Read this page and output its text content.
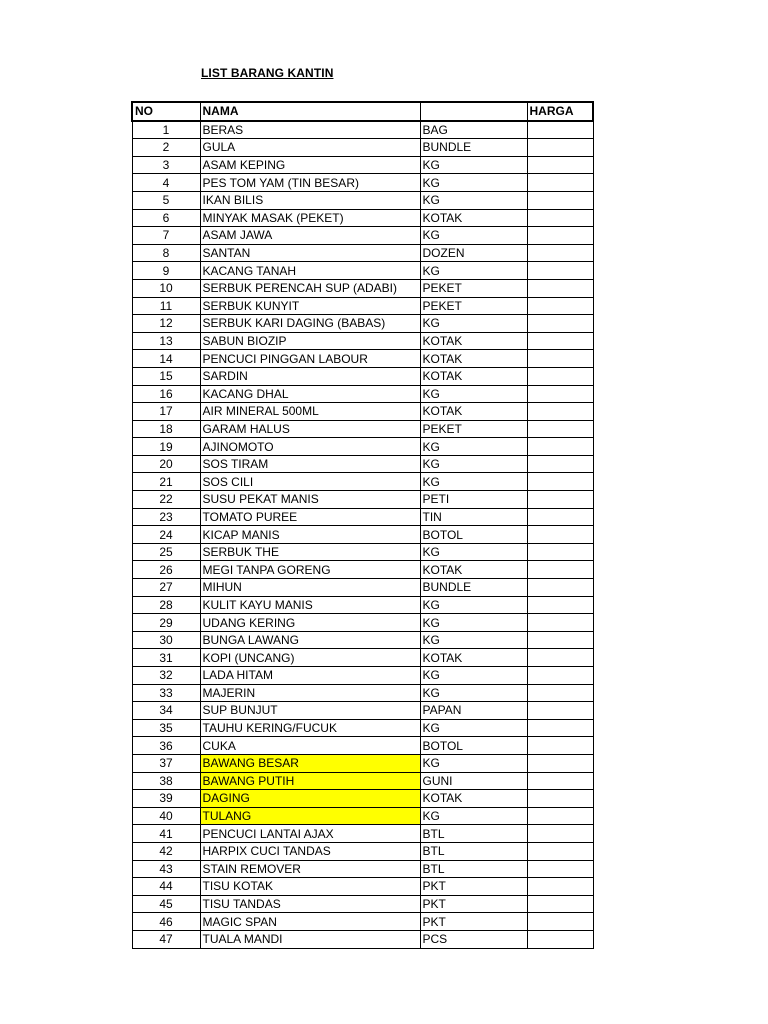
LIST BARANG KANTIN
NO	NAMA		HARGA
1	BERAS	BAG	
2	GULA	BUNDLE	
3	ASAM KEPING	KG	
4	PES TOM YAM (TIN BESAR)	KG	
5	IKAN BILIS	KG	
6	MINYAK MASAK (PEKET)	KOTAK	
7	ASAM JAWA	KG	
8	SANTAN	DOZEN	
9	KACANG TANAH	KG	
10	SERBUK PERENCAH SUP (ADABI)	PEKET	
11	SERBUK KUNYIT	PEKET	
12	SERBUK KARI DAGING (BABAS)	KG	
13	SABUN BIOZIP	KOTAK	
14	PENCUCI PINGGAN LABOUR	KOTAK	
15	SARDIN	KOTAK	
16	KACANG DHAL	KG	
17	AIR MINERAL 500ML	KOTAK	
18	GARAM HALUS	PEKET	
19	AJINOMOTO	KG	
20	SOS TIRAM	KG	
21	SOS CILI	KG	
22	SUSU PEKAT MANIS	PETI	
23	TOMATO PUREE	TIN	
24	KICAP MANIS	BOTOL	
25	SERBUK THE	KG	
26	MEGI TANPA GORENG	KOTAK	
27	MIHUN	BUNDLE	
28	KULIT KAYU MANIS	KG	
29	UDANG KERING	KG	
30	BUNGA LAWANG	KG	
31	KOPI (UNCANG)	KOTAK	
32	LADA HITAM	KG	
33	MAJERIN	KG	
34	SUP BUNJUT	PAPAN	
35	TAUHU KERING/FUCUK	KG	
36	CUKA	BOTOL	
37	BAWANG BESAR	KG	
38	BAWANG PUTIH	GUNI	
39	DAGING	KOTAK	
40	TULANG	KG	
41	PENCUCI LANTAI AJAX	BTL	
42	HARPIX CUCI TANDAS	BTL	
43	STAIN REMOVER	BTL	
44	TISU KOTAK	PKT	
45	TISU TANDAS	PKT	
46	MAGIC SPAN	PKT	
47	TUALA MANDI	PCS	
